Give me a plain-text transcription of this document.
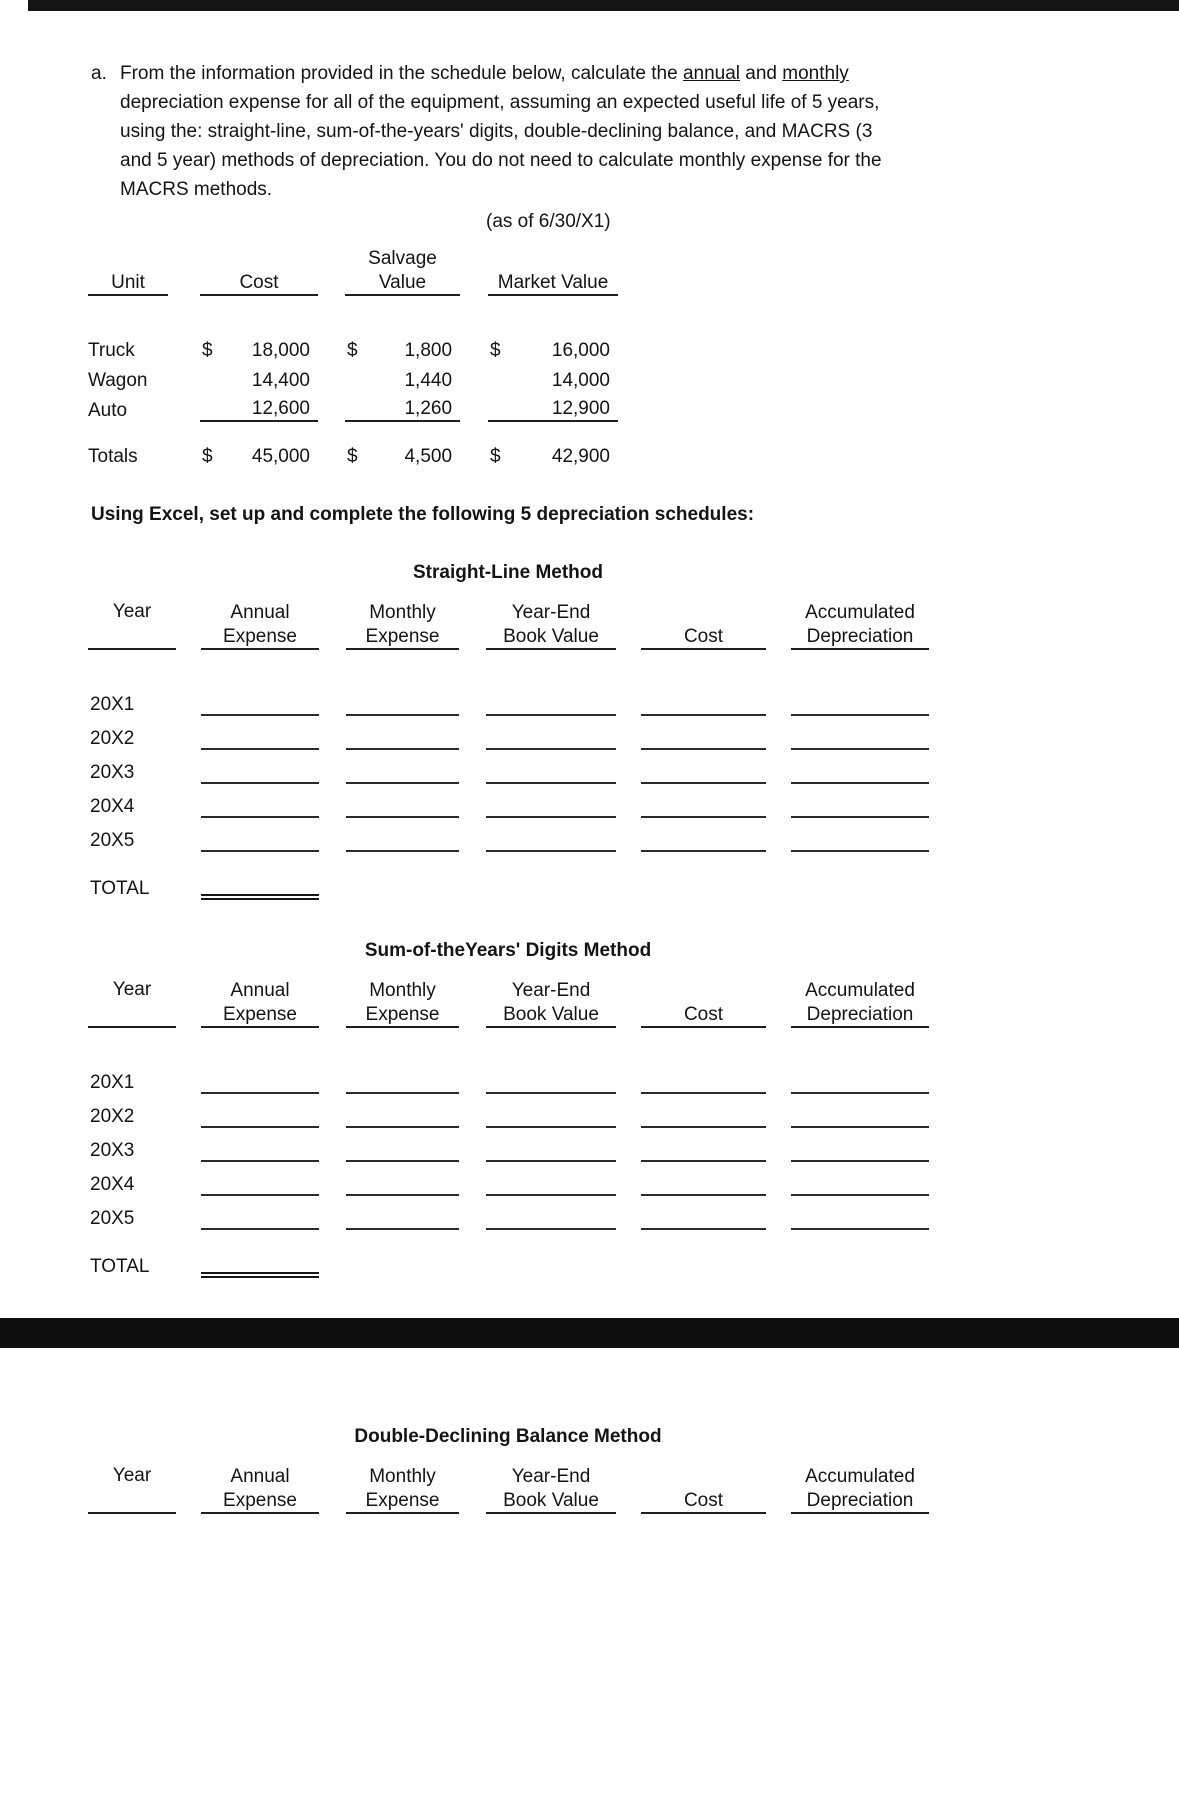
a. From the information provided in the schedule below, calculate the annual and monthly depreciation expense for all of the equipment, assuming an expected useful life of 5 years, using the: straight-line, sum-of-the-years' digits, double-declining balance, and MACRS (3 and 5 year) methods of depreciation. You do not need to calculate monthly expense for the MACRS methods.
(as of 6/30/X1)
					Salvage				
Unit		Cost			Value			Market Value	

Truck		$	18,000		$	1,800		$	16,000
Wagon			14,400			1,440			14,000
Auto			12,600			1,260			12,900

Totals		$	45,000		$	4,500		$	42,900
Using Excel, set up and complete the following 5 depreciation schedules:
Straight-Line Method
Year		Annual		Monthly		Year-End				Accumulated
		Expense		Expense		Book Value		Cost		Depreciation

20X1										
20X2										
20X3										
20X4										
20X5										

TOTAL										
Sum-of-theYears' Digits Method
Year		Annual		Monthly		Year-End				Accumulated
		Expense		Expense		Book Value		Cost		Depreciation

20X1										
20X2										
20X3										
20X4										
20X5										

TOTAL										
Double-Declining Balance Method
Year		Annual		Monthly		Year-End				Accumulated
		Expense		Expense		Book Value		Cost		Depreciation
